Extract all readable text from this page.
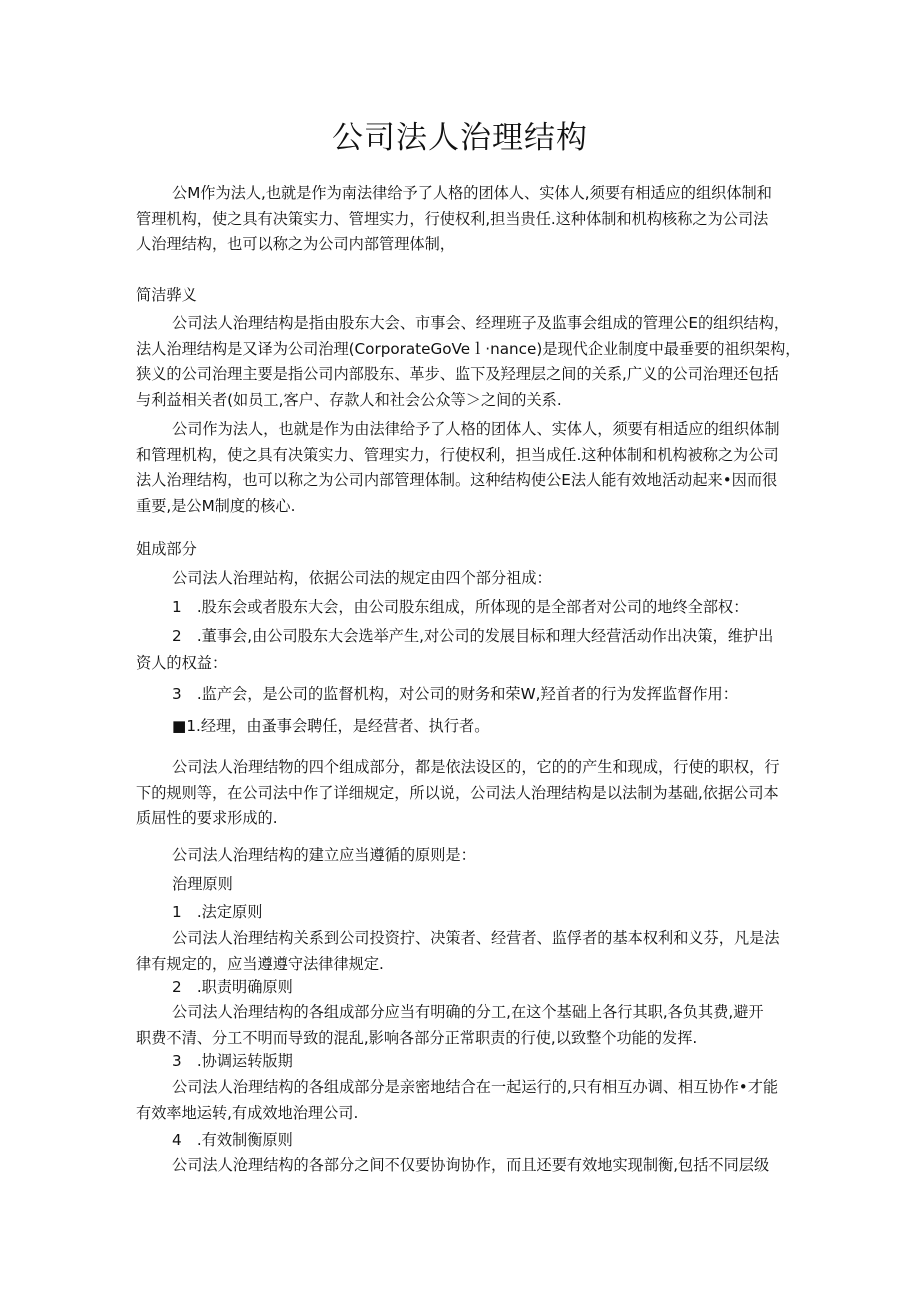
公司法人治理结构
公M作为法人,也就是作为南法律给予了人格的团体人、实体人,须要有相适应的组织体制和
管理机构，使之具有决策实力、管埋实力，行使权利,担当贵任.这种体制和机构核称之为公司法
人治理结构，也可以称之为公司内部管理体制，
简洁骅义
公司法人治理结构是指由股东大会、市事会、经理班子及监事会组成的管理公E的组织结构，
法人治理结构是又译为公司治理(CorporateGoVeｌ·nance)是现代企业制度中最垂要的祖织架构，
狭义的公司治理主要是指公司内部股东、革步、监下及羟理层之间的关系,广义的公司治理还包括
与利益相关者(如员工,客户、存款人和社会公众等＞之间的关系.
公司作为法人，也就是作为由法律给予了人格的团体人、实体人，须要有相适应的组织体制
和管理机构，使之具有决策实力、管理实力，行使权利，担当成任.这种体制和机构被称之为公司
法人治理结构，也可以称之为公司内部管理体制。这种结构使公E法人能有效地活动起来•因而很
重要,是公M制度的核心.
姐成部分
公司法人治理站构，依据公司法的规定由四个部分祖成：
1　.股东会或者股东大会，由公司股东组成，所体现的是全部者对公司的地终全部权：
2　.董事会,由公司股东大会选举产生,对公司的发展目标和理大经营活动作出决策，维护出
资人的权益：
3　.监产会，是公司的监督机构，对公司的财务和荣W,羟首者的行为发挥监督作用：
■1.经理，由蚤事会聘任，是经营者、执行者。
公司法人治理结物的四个组成部分，都是依法设区的，它的的产生和现成，行使的职权，行
下的规则等，在公司法中作了详细规定，所以说，公司法人治理结构是以法制为基础,依据公司本
质屈性的要求形成的.
公司法人治理结构的建立应当遵循的原则是：
治理原则
1　.法定原则
公司法人治理结构关系到公司投资拧、决策者、经营者、监俘者的基本权利和义芬，凡是法
律有规定的，应当遵遵守法律律规定.
2　.职责明确原则
公司法人治理结构的各组成部分应当有明确的分工,在这个基础上各行其职,各负其费,避开
职费不清、分工不明而导致的混乱,影响各部分正常职责的行使,以致整个功能的发挥.
3　.协调运转版期
公司法人治理结构的各组成部分是亲密地结合在一起运行的,只有相互办调、相互协作•才能
有效率地运转,有成效地治理公司.
4　.有效制衡原则
公司法人沧理结构的各部分之间不仅要协询协作，而且还要有效地实现制衡,包括不同层级
